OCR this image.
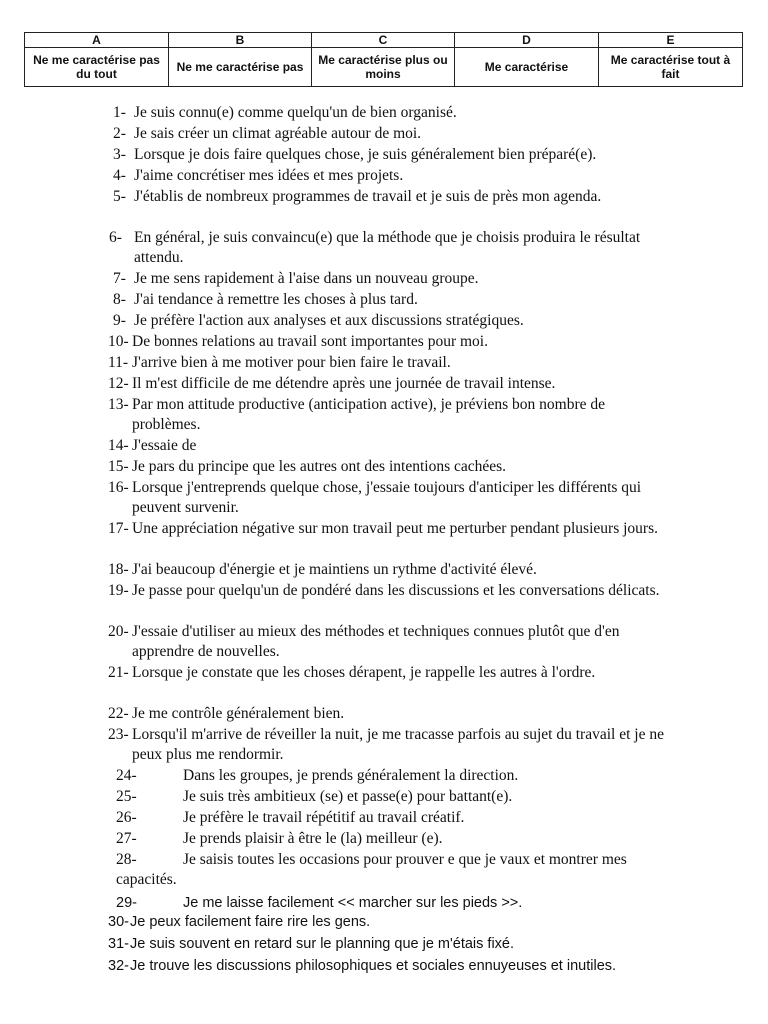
A	B	C	D	E
Ne me caractérise pas du tout	Ne me caractérise pas	Me caractérise plus ou moins	Me caractérise	Me caractérise tout à fait
1- Je suis connu(e) comme quelqu'un de bien organisé.
2- Je sais créer un climat agréable autour de moi.
3- Lorsque je dois faire quelques chose, je suis généralement bien préparé(e).
4- J'aime concrétiser mes idées et mes projets.
5- J'établis de nombreux programmes de travail et je suis de près mon agenda.
6- En général, je suis convaincu(e) que la méthode que je choisis produira le résultat attendu.
7- Je me sens rapidement à l'aise dans un nouveau groupe.
8- J'ai tendance à remettre les choses à plus tard.
9- Je préfère l'action aux analyses et aux discussions stratégiques.
10- De bonnes relations au travail sont importantes pour moi.
11- J'arrive bien à me motiver pour bien faire le travail.
12- Il m'est difficile de me détendre après une journée de travail intense.
13- Par mon attitude productive (anticipation active), je préviens bon nombre de problèmes.
14- J'essaie de
15- Je pars du principe que les autres ont des intentions cachées.
16- Lorsque j'entreprends quelque chose, j'essaie toujours d'anticiper les différents qui peuvent survenir.
17- Une appréciation négative sur mon travail peut me perturber pendant plusieurs jours.
18- J'ai beaucoup d'énergie et je maintiens un rythme d'activité élevé.
19- Je passe pour quelqu'un de pondéré dans les discussions et les conversations délicats.
20- J'essaie d'utiliser au mieux des méthodes et techniques connues plutôt que d'en apprendre de nouvelles.
21- Lorsque je constate que les choses dérapent, je rappelle les autres à l'ordre.
22- Je me contrôle généralement bien.
23- Lorsqu'il m'arrive de réveiller la nuit, je me tracasse parfois au sujet du travail et je ne peux plus me rendormir.
24-	Dans les groupes, je prends généralement la direction.
25-	Je suis très ambitieux (se) et passe(e) pour battant(e).
26-	Je préfère le travail répétitif au travail créatif.
27-	Je prends plaisir à être le (la) meilleur (e).
28-	Je saisis toutes les occasions pour prouver e que je vaux et montrer mes capacités.
29-	Je me laisse facilement << marcher sur les pieds >>.
30- Je peux facilement faire rire les gens.
31- Je suis souvent en retard sur le planning que je m'étais fixé.
32- Je trouve les discussions philosophiques et sociales ennuyeuses et inutiles.
